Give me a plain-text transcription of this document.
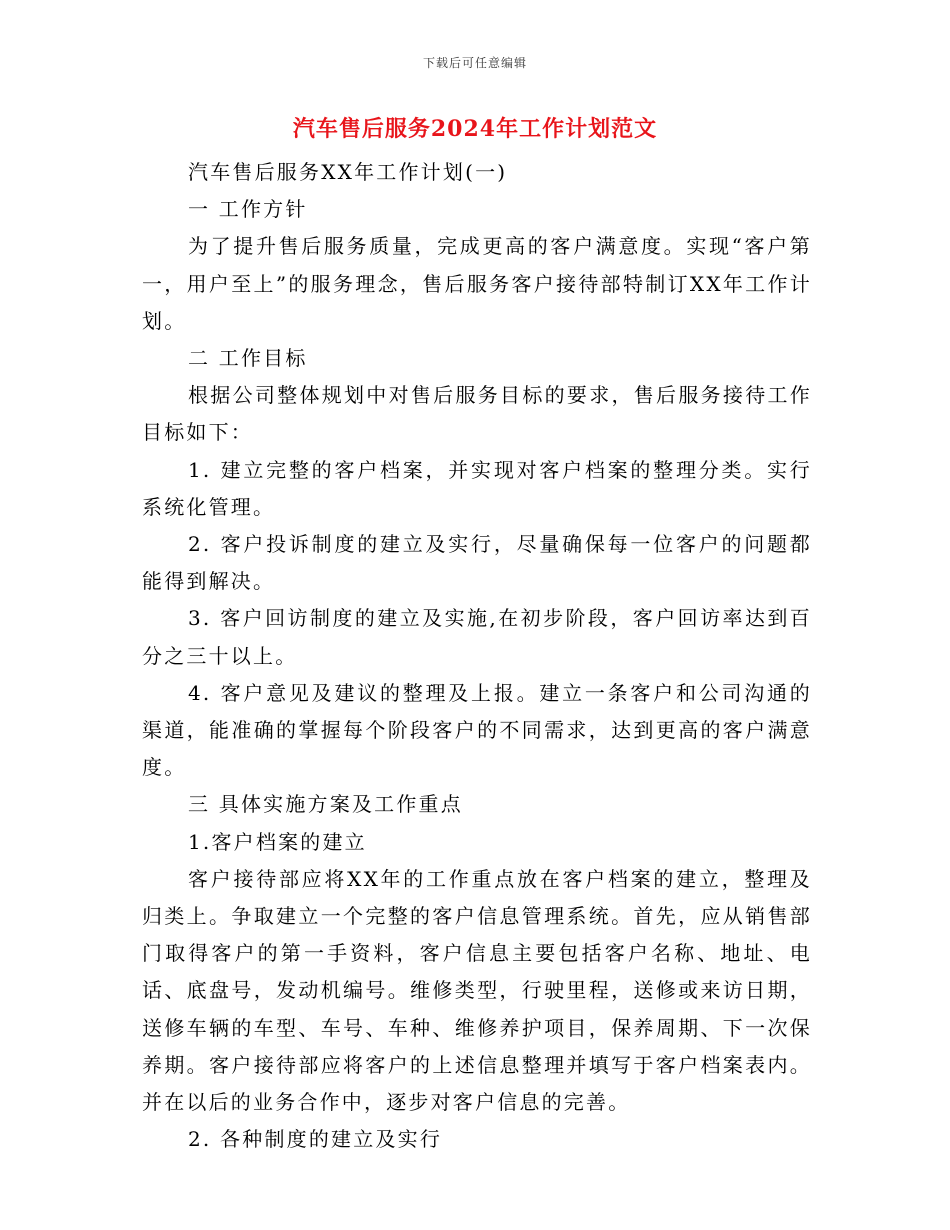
下载后可任意编辑
汽车售后服务2024年工作计划范文

汽车售后服务XX年工作计划(一)

一 工作方针

为了提升售后服务质量，完成更高的客户满意度。实现“客户第一，用户至上”的服务理念，售后服务客户接待部特制订XX年工作计划。

二 工作目标

根据公司整体规划中对售后服务目标的要求，售后服务接待工作目标如下：

1. 建立完整的客户档案，并实现对客户档案的整理分类。实行系统化管理。

2. 客户投诉制度的建立及实行，尽量确保每一位客户的问题都能得到解决。

3. 客户回访制度的建立及实施,在初步阶段，客户回访率达到百分之三十以上。

4. 客户意见及建议的整理及上报。建立一条客户和公司沟通的渠道，能准确的掌握每个阶段客户的不同需求，达到更高的客户满意度。

三 具体实施方案及工作重点

1.客户档案的建立

客户接待部应将XX年的工作重点放在客户档案的建立，整理及归类上。争取建立一个完整的客户信息管理系统。首先，应从销售部门取得客户的第一手资料，客户信息主要包括客户名称、地址、电话、底盘号，发动机编号。维修类型，行驶里程，送修或来访日期，送修车辆的车型、车号、车种、维修养护项目，保养周期、下一次保养期。客户接待部应将客户的上述信息整理并填写于客户档案表内。并在以后的业务合作中，逐步对客户信息的完善。

2. 各种制度的建立及实行
